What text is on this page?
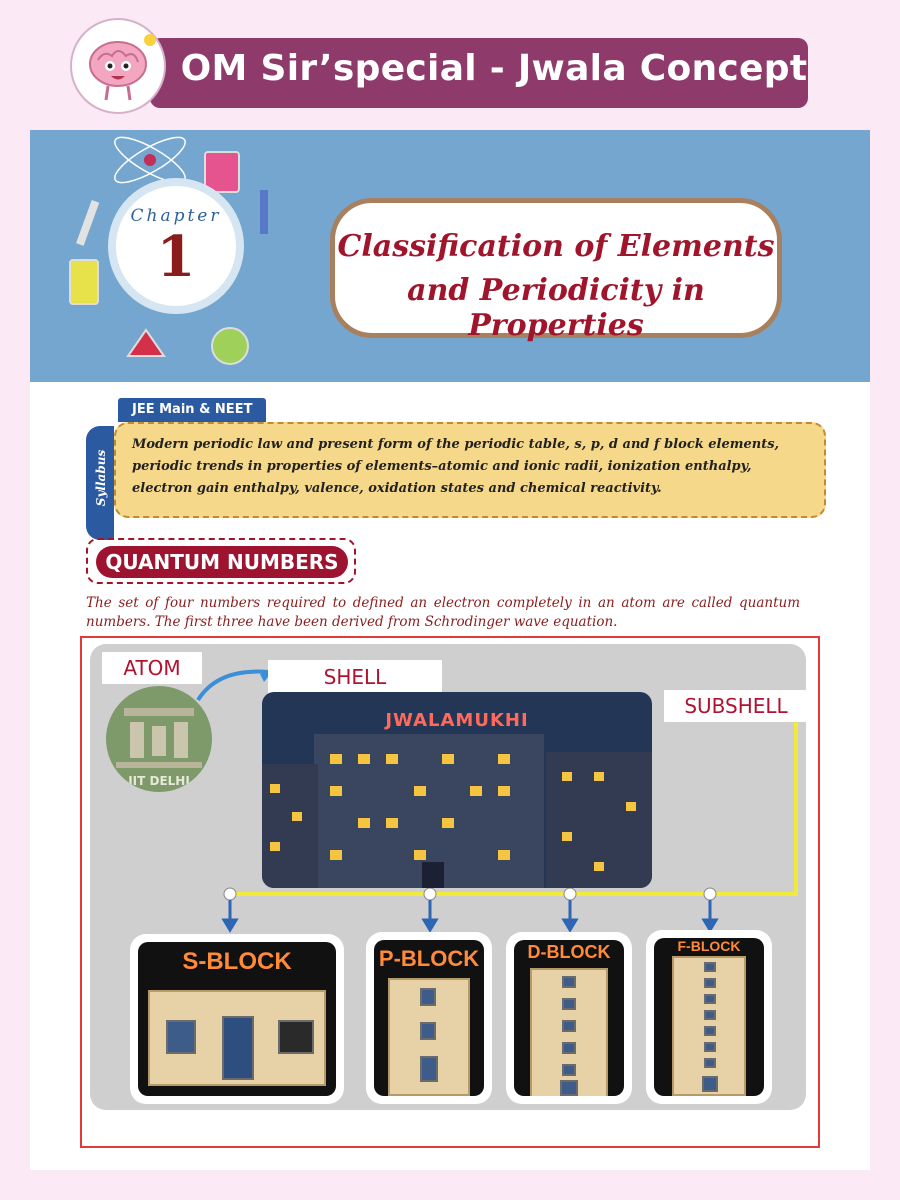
OM Sir’special - Jwala Concept
Chapter
1	Classification of Elements
and Periodicity in Properties
JEE Main & NEET
Syllabus
Modern periodic law and present form of the periodic table, s, p, d and f block elements, periodic trends in properties of elements–atomic and ionic radii, ionization enthalpy, electron gain enthalpy, valence, oxidation states and chemical reactivity.
QUANTUM NUMBERS
The set of four numbers required to defined an electron completely in an atom are called quantum numbers. The first three have been derived from Schrodinger wave equation.
ATOM
IIT DELHI
SHELL
JWALAMUKHI
SUBSHELL
S-BLOCK	P-BLOCK	D-BLOCK	F-BLOCK
